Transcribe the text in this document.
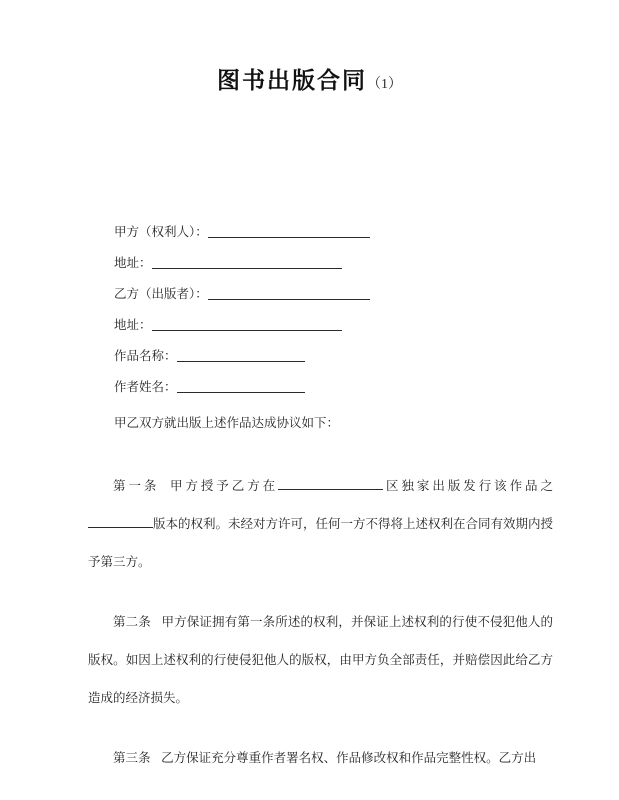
图书出版合同（1）
甲方（权利人）：
地址：
乙方（出版者）：
地址：
作品名称：
作者姓名：

甲乙双方就出版上述作品达成协议如下：

第一条 甲方授予乙方在	区独家出版发行该作品之版本的权利。未经对方许可，任何一方不得将上述权利在合同有效期内授予第三方。

第二条 甲方保证拥有第一条所述的权利，并保证上述权利的行使不侵犯他人的版权。如因上述权利的行使侵犯他人的版权，由甲方负全部责任，并赔偿因此给乙方造成的经济损失。

第三条 乙方保证充分尊重作者署名权、作品修改权和作品完整性权。乙方出
